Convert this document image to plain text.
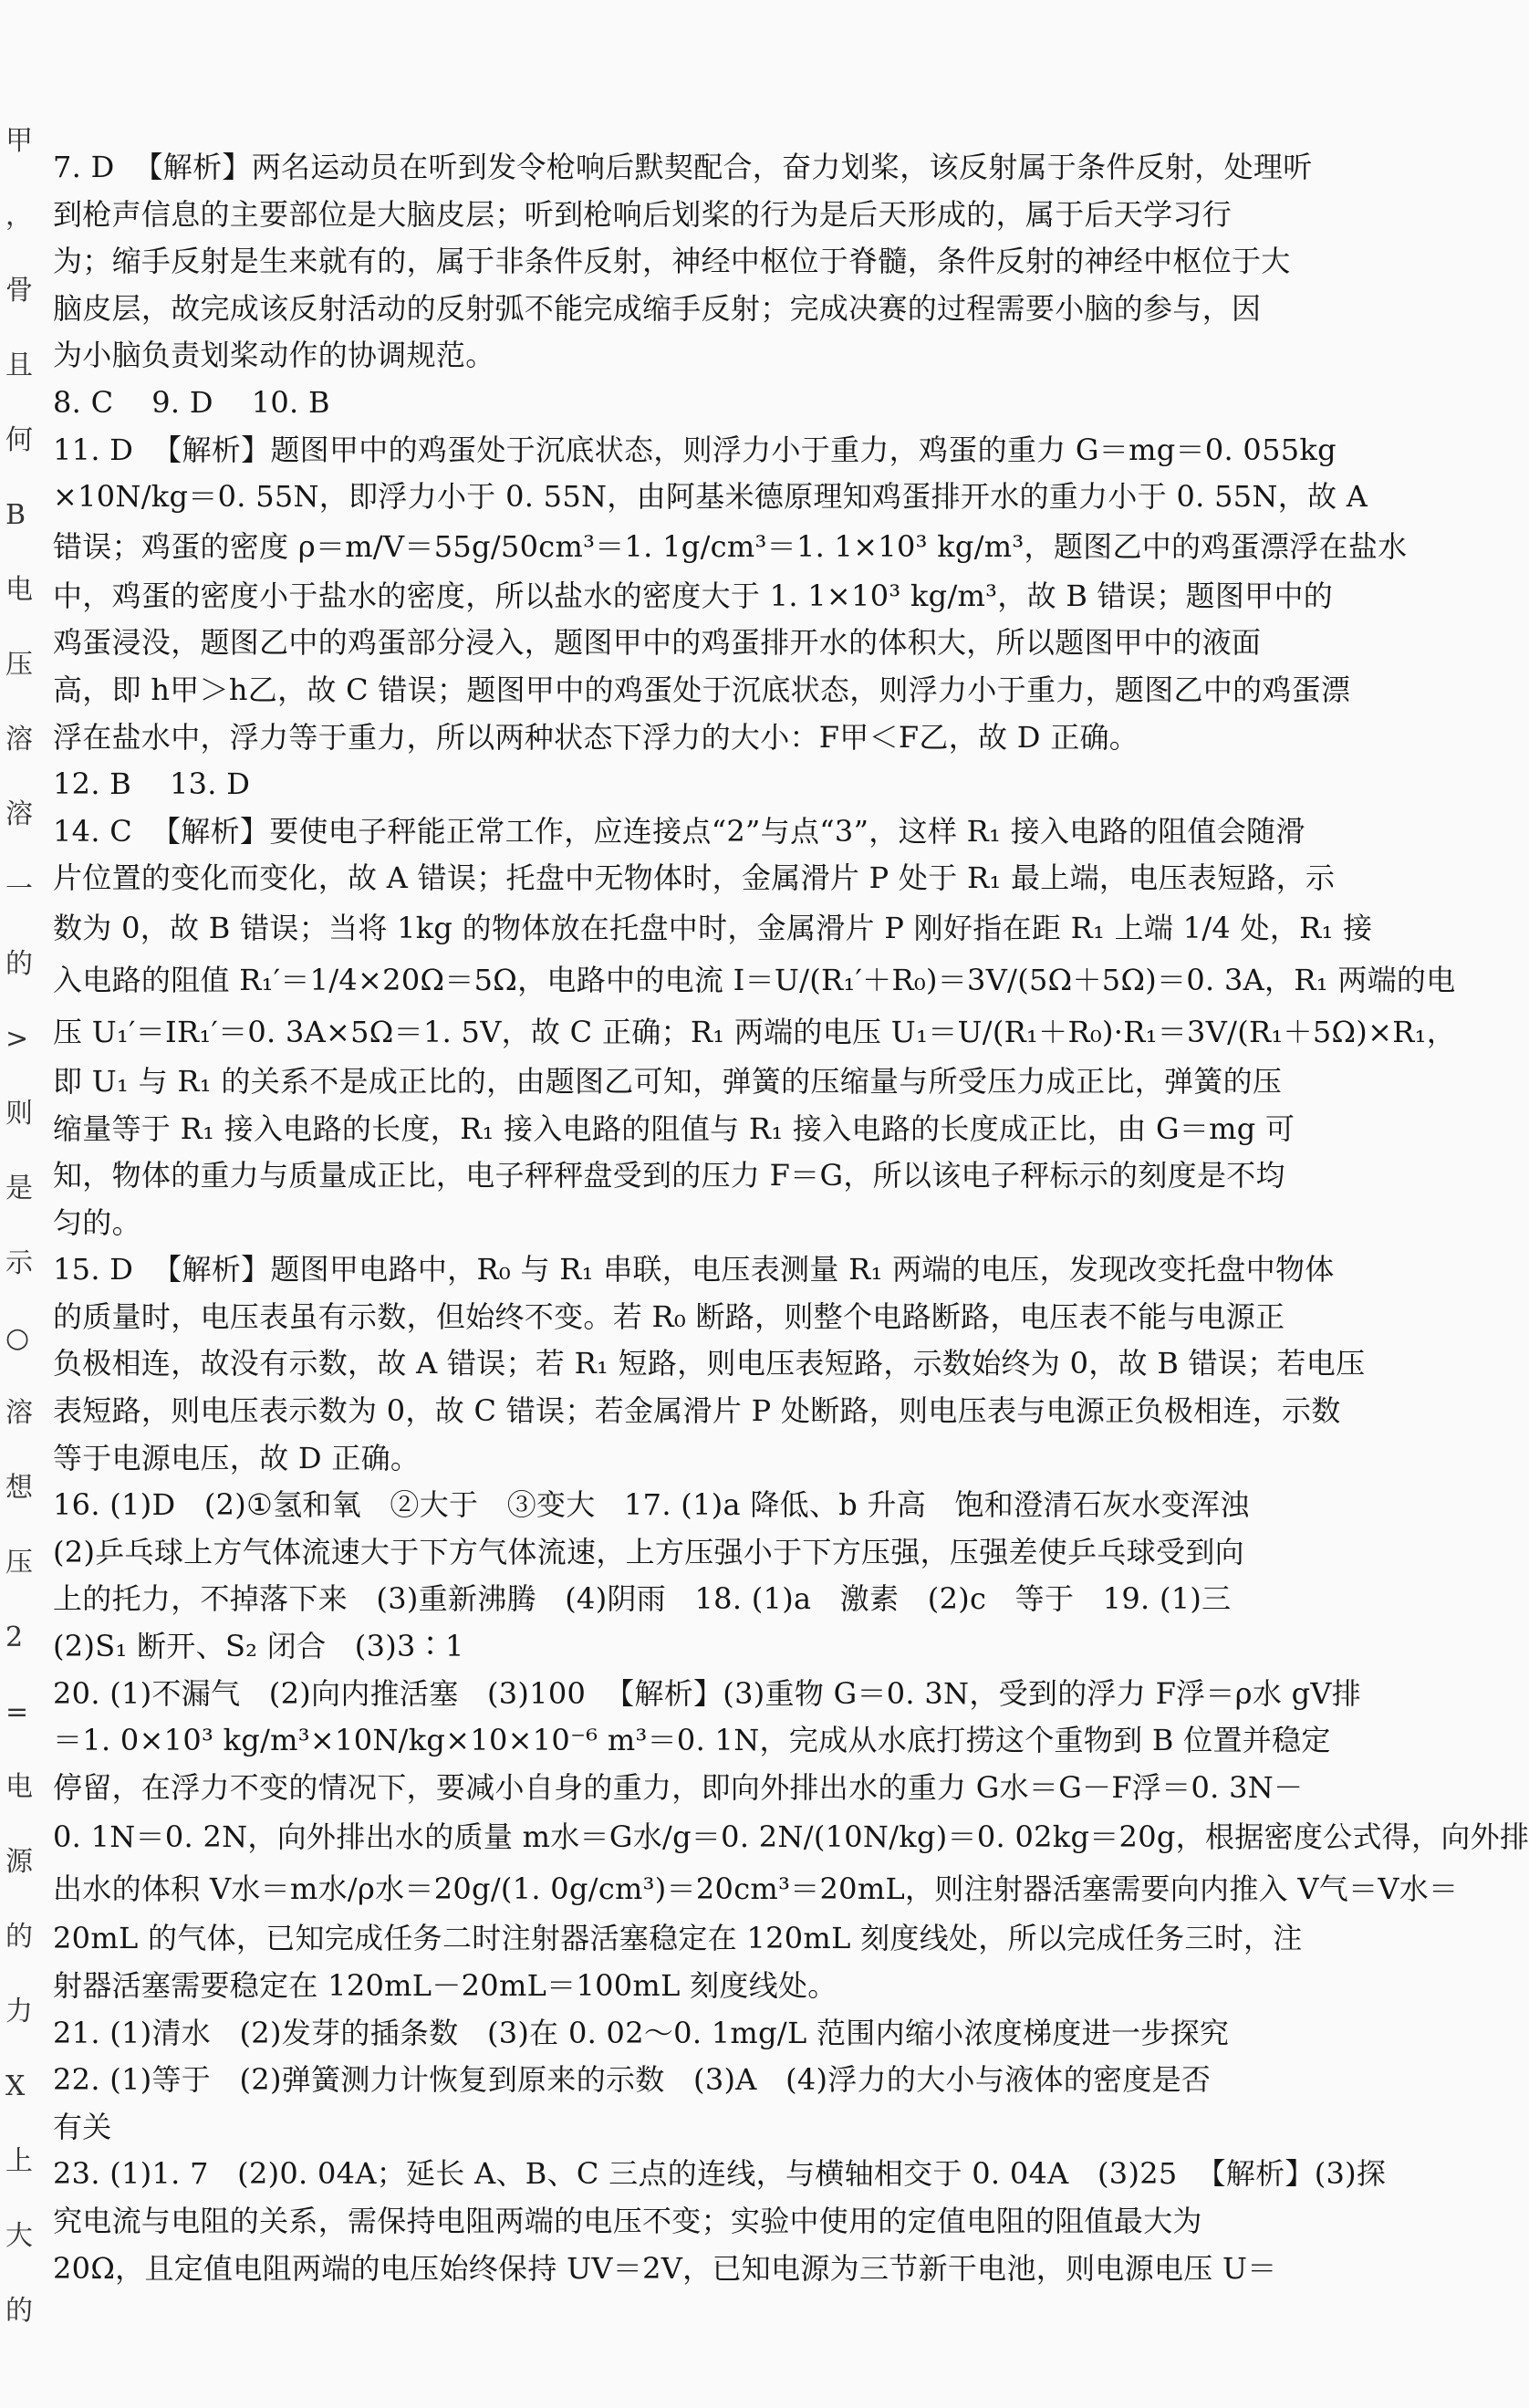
甲
，
骨
且
何
B
电
压
溶
溶
一
的
>
则
是
示
○
溶
想
压
2
=
电
源
的
⼒
X
上
大
的
7. D  【解析】两名运动员在听到发令枪响后默契配合，奋力划桨，该反射属于条件反射，处理听
到枪声信息的主要部位是大脑皮层；听到枪响后划桨的行为是后天形成的，属于后天学习行
为；缩手反射是生来就有的，属于非条件反射，神经中枢位于脊髓，条件反射的神经中枢位于大
脑皮层，故完成该反射活动的反射弧不能完成缩手反射；完成决赛的过程需要小脑的参与，因
为小脑负责划桨动作的协调规范。
8. C    9. D    10. B
11. D  【解析】题图甲中的鸡蛋处于沉底状态，则浮力小于重力，鸡蛋的重力 G＝mg＝0. 055kg
×10N/kg＝0. 55N，即浮力小于 0. 55N，由阿基米德原理知鸡蛋排开水的重力小于 0. 55N，故 A
错误；鸡蛋的密度 ρ＝m/V＝55g/50cm³＝1. 1g/cm³＝1. 1×10³ kg/m³，题图乙中的鸡蛋漂浮在盐水
中，鸡蛋的密度小于盐水的密度，所以盐水的密度大于 1. 1×10³ kg/m³，故 B 错误；题图甲中的
鸡蛋浸没，题图乙中的鸡蛋部分浸入，题图甲中的鸡蛋排开水的体积大，所以题图甲中的液面
高，即 h甲＞h乙，故 C 错误；题图甲中的鸡蛋处于沉底状态，则浮力小于重力，题图乙中的鸡蛋漂
浮在盐水中，浮力等于重力，所以两种状态下浮力的大小：F甲＜F乙，故 D 正确。
12. B    13. D
14. C  【解析】要使电子秤能正常工作，应连接点“2”与点“3”，这样 R₁ 接入电路的阻值会随滑
片位置的变化而变化，故 A 错误；托盘中无物体时，金属滑片 P 处于 R₁ 最上端，电压表短路，示
数为 0，故 B 错误；当将 1kg 的物体放在托盘中时，金属滑片 P 刚好指在距 R₁ 上端 1/4 处，R₁ 接
入电路的阻值 R₁′＝1/4×20Ω＝5Ω，电路中的电流 I＝U/(R₁′＋R₀)＝3V/(5Ω＋5Ω)＝0. 3A，R₁ 两端的电
压 U₁′＝IR₁′＝0. 3A×5Ω＝1. 5V，故 C 正确；R₁ 两端的电压 U₁＝U/(R₁＋R₀)·R₁＝3V/(R₁＋5Ω)×R₁，
即 U₁ 与 R₁ 的关系不是成正比的，由题图乙可知，弹簧的压缩量与所受压力成正比，弹簧的压
缩量等于 R₁ 接入电路的长度，R₁ 接入电路的阻值与 R₁ 接入电路的长度成正比，由 G＝mg 可
知，物体的重力与质量成正比，电子秤秤盘受到的压力 F＝G，所以该电子秤标示的刻度是不均
匀的。
15. D  【解析】题图甲电路中，R₀ 与 R₁ 串联，电压表测量 R₁ 两端的电压，发现改变托盘中物体
的质量时，电压表虽有示数，但始终不变。若 R₀ 断路，则整个电路断路，电压表不能与电源正
负极相连，故没有示数，故 A 错误；若 R₁ 短路，则电压表短路，示数始终为 0，故 B 错误；若电压
表短路，则电压表示数为 0，故 C 错误；若金属滑片 P 处断路，则电压表与电源正负极相连，示数
等于电源电压，故 D 正确。
16. (1)D   (2)①氢和氧   ②大于   ③变大   17. (1)a 降低、b 升高   饱和澄清石灰水变浑浊
(2)乒乓球上方气体流速大于下方气体流速，上方压强小于下方压强，压强差使乒乓球受到向
上的托力，不掉落下来   (3)重新沸腾   (4)阴雨   18. (1)a   激素   (2)c   等于   19. (1)三
(2)S₁ 断开、S₂ 闭合   (3)3∶1
20. (1)不漏气   (2)向内推活塞   (3)100  【解析】(3)重物 G＝0. 3N，受到的浮力 F浮＝ρ水 gV排
＝1. 0×10³ kg/m³×10N/kg×10×10⁻⁶ m³＝0. 1N，完成从水底打捞这个重物到 B 位置并稳定
停留，在浮力不变的情况下，要减小自身的重力，即向外排出水的重力 G水＝G－F浮＝0. 3N－
0. 1N＝0. 2N，向外排出水的质量 m水＝G水/g＝0. 2N/(10N/kg)＝0. 02kg＝20g，根据密度公式得，向外排
出水的体积 V水＝m水/ρ水＝20g/(1. 0g/cm³)＝20cm³＝20mL，则注射器活塞需要向内推入 V气＝V水＝
20mL 的气体，已知完成任务二时注射器活塞稳定在 120mL 刻度线处，所以完成任务三时，注
射器活塞需要稳定在 120mL－20mL＝100mL 刻度线处。
21. (1)清水   (2)发芽的插条数   (3)在 0. 02～0. 1mg/L 范围内缩小浓度梯度进一步探究
22. (1)等于   (2)弹簧测力计恢复到原来的示数   (3)A   (4)浮力的大小与液体的密度是否
有关
23. (1)1. 7   (2)0. 04A；延长 A、B、C 三点的连线，与横轴相交于 0. 04A   (3)25  【解析】(3)探
究电流与电阻的关系，需保持电阻两端的电压不变；实验中使用的定值电阻的阻值最大为
20Ω，且定值电阻两端的电压始终保持 UV＝2V，已知电源为三节新干电池，则电源电压 U＝
